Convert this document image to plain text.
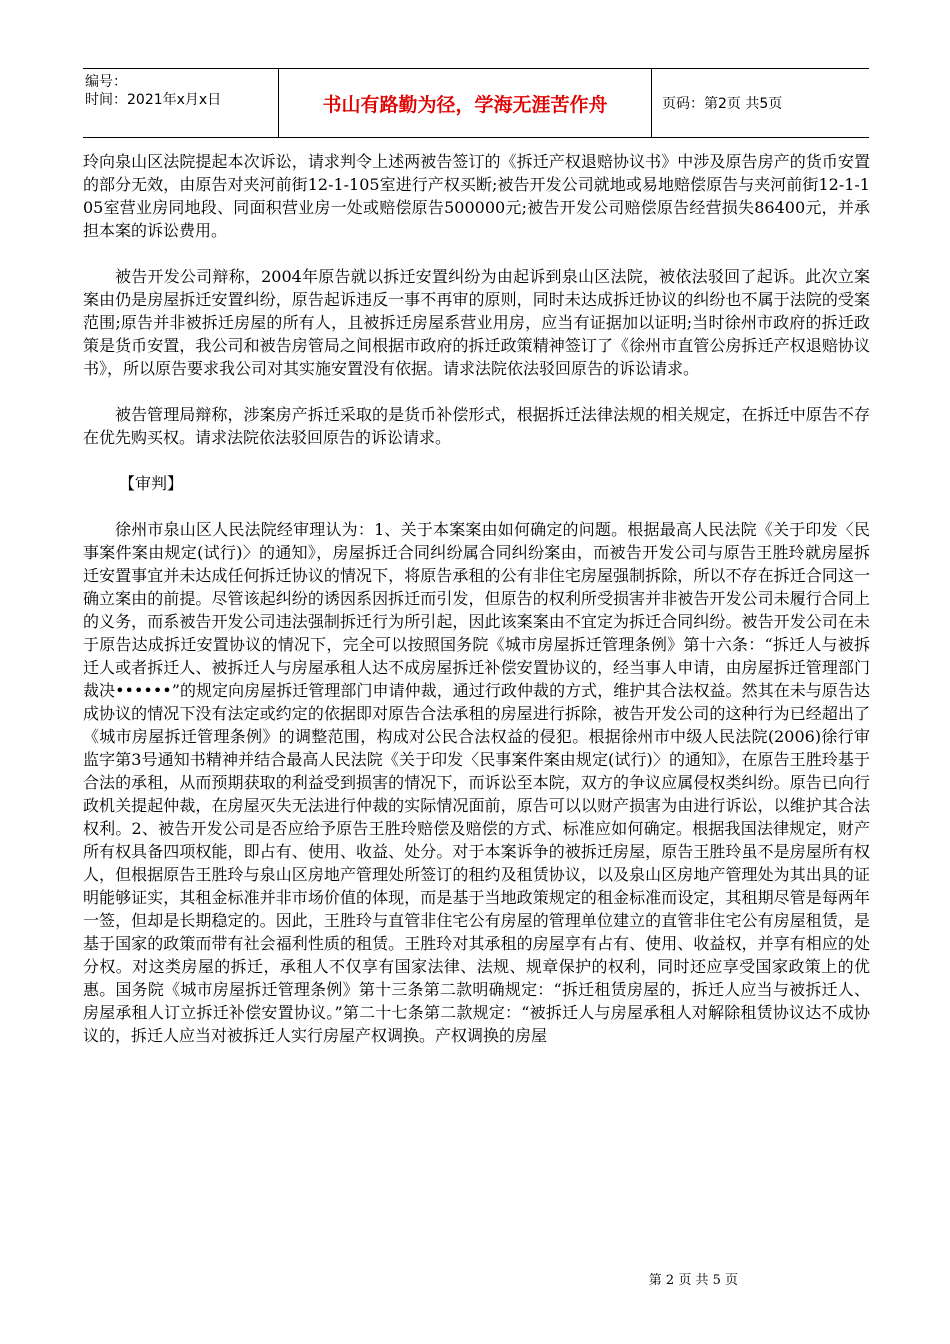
编号：
时间：2021年x月x日	书山有路勤为径，学海无涯苦作舟	页码：第2页 共5页

玲向泉山区法院提起本次诉讼，请求判令上述两被告签订的《拆迁产权退赔协议书》中涉及原告房产的货币安置的部分无效，由原告对夹河前街12-1-105室进行产权买断;被告开发公司就地或易地赔偿原告与夹河前街12-1-105室营业房同地段、同面积营业房一处或赔偿原告500000元;被告开发公司赔偿原告经营损失86400元，并承担本案的诉讼费用。

被告开发公司辩称，2004年原告就以拆迁安置纠纷为由起诉到泉山区法院，被依法驳回了起诉。此次立案案由仍是房屋拆迁安置纠纷，原告起诉违反一事不再审的原则，同时未达成拆迁协议的纠纷也不属于法院的受案范围;原告并非被拆迁房屋的所有人，且被拆迁房屋系营业用房，应当有证据加以证明;当时徐州市政府的拆迁政策是货币安置，我公司和被告房管局之间根据市政府的拆迁政策精神签订了《徐州市直管公房拆迁产权退赔协议书》，所以原告要求我公司对其实施安置没有依据。请求法院依法驳回原告的诉讼请求。

被告管理局辩称，涉案房产拆迁采取的是货币补偿形式，根据拆迁法律法规的相关规定，在拆迁中原告不存在优先购买权。请求法院依法驳回原告的诉讼请求。

【审判】

徐州市泉山区人民法院经审理认为：1、关于本案案由如何确定的问题。根据最高人民法院《关于印发〈民事案件案由规定(试行)〉的通知》，房屋拆迁合同纠纷属合同纠纷案由，而被告开发公司与原告王胜玲就房屋拆迁安置事宜并未达成任何拆迁协议的情况下，将原告承租的公有非住宅房屋强制拆除，所以不存在拆迁合同这一确立案由的前提。尽管该起纠纷的诱因系因拆迁而引发，但原告的权利所受损害并非被告开发公司未履行合同上的义务，而系被告开发公司违法强制拆迁行为所引起，因此该案案由不宜定为拆迁合同纠纷。被告开发公司在未于原告达成拆迁安置协议的情况下，完全可以按照国务院《城市房屋拆迁管理条例》第十六条：“拆迁人与被拆迁人或者拆迁人、被拆迁人与房屋承租人达不成房屋拆迁补偿安置协议的，经当事人申请，由房屋拆迁管理部门裁决••••••”的规定向房屋拆迁管理部门申请仲裁，通过行政仲裁的方式，维护其合法权益。然其在未与原告达成协议的情况下没有法定或约定的依据即对原告合法承租的房屋进行拆除，被告开发公司的这种行为已经超出了《城市房屋拆迁管理条例》的调整范围，构成对公民合法权益的侵犯。根据徐州市中级人民法院(2006)徐行审监字第3号通知书精神并结合最高人民法院《关于印发〈民事案件案由规定(试行)〉的通知》，在原告王胜玲基于合法的承租，从而预期获取的利益受到损害的情况下，而诉讼至本院，双方的争议应属侵权类纠纷。原告已向行政机关提起仲裁，在房屋灭失无法进行仲裁的实际情况面前，原告可以以财产损害为由进行诉讼，以维护其合法权利。2、被告开发公司是否应给予原告王胜玲赔偿及赔偿的方式、标准应如何确定。根据我国法律规定，财产所有权具备四项权能，即占有、使用、收益、处分。对于本案诉争的被拆迁房屋，原告王胜玲虽不是房屋所有权人，但根据原告王胜玲与泉山区房地产管理处所签订的租约及租赁协议，以及泉山区房地产管理处为其出具的证明能够证实，其租金标准并非市场价值的体现，而是基于当地政策规定的租金标准而设定，其租期尽管是每两年一签，但却是长期稳定的。因此，王胜玲与直管非住宅公有房屋的管理单位建立的直管非住宅公有房屋租赁，是基于国家的政策而带有社会福利性质的租赁。王胜玲对其承租的房屋享有占有、使用、收益权，并享有相应的处分权。对这类房屋的拆迁，承租人不仅享有国家法律、法规、规章保护的权利，同时还应享受国家政策上的优惠。国务院《城市房屋拆迁管理条例》第十三条第二款明确规定：“拆迁租赁房屋的，拆迁人应当与被拆迁人、房屋承租人订立拆迁补偿安置协议。”第二十七条第二款规定：“被拆迁人与房屋承租人对解除租赁协议达不成协议的，拆迁人应当对被拆迁人实行房屋产权调换。产权调换的房屋

第 2 页 共 5 页
